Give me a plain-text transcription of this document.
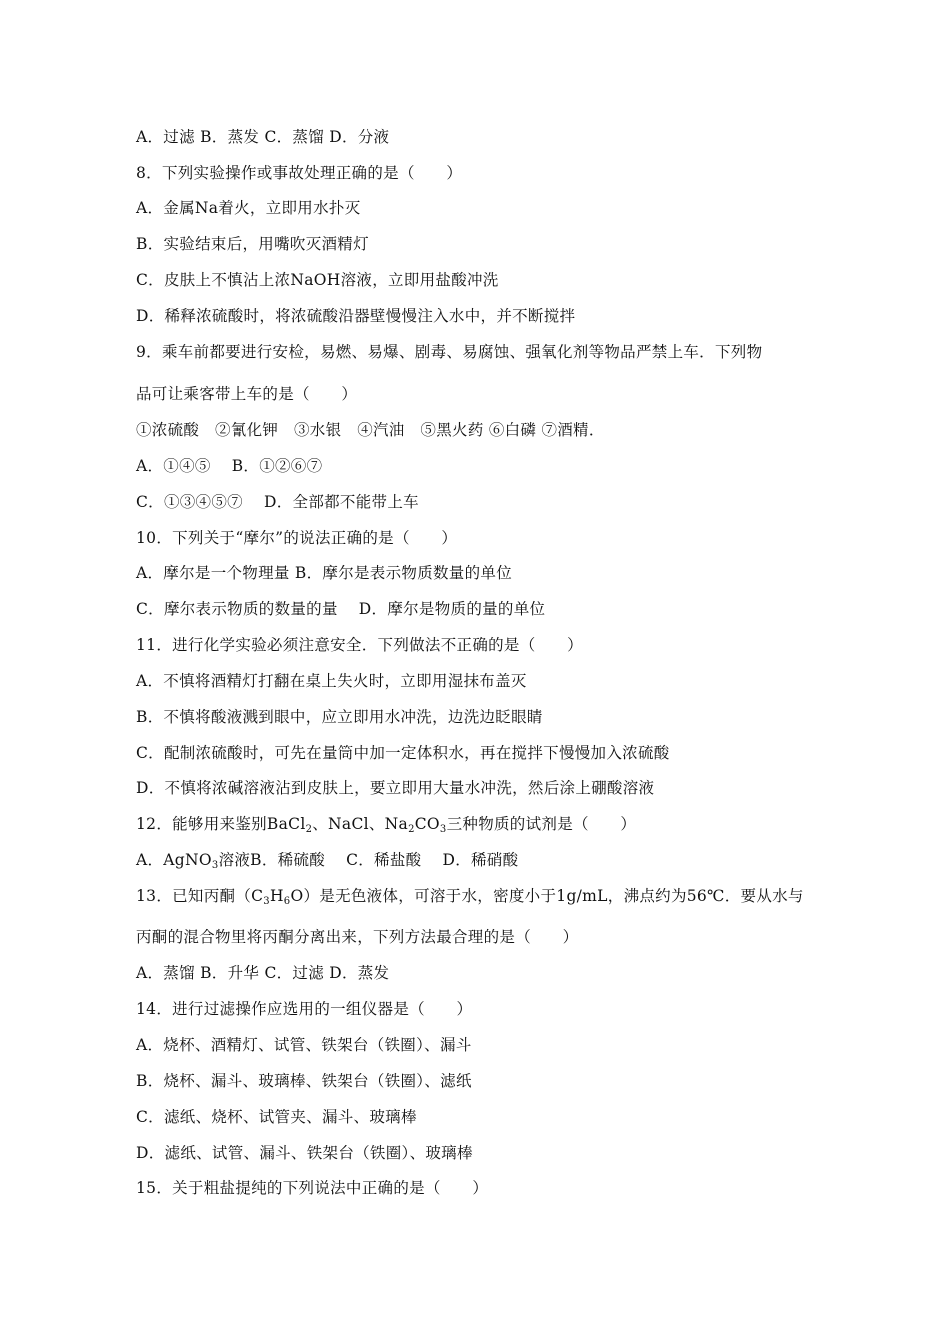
A．过滤 B．蒸发 C．蒸馏 D．分液
8．下列实验操作或事故处理正确的是（　　）
A．金属Na着火，立即用水扑灭
B．实验结束后，用嘴吹灭酒精灯
C．皮肤上不慎沾上浓NaOH溶液，立即用盐酸冲洗
D．稀释浓硫酸时，将浓硫酸沿器壁慢慢注入水中，并不断搅拌
9．乘车前都要进行安检，易燃、易爆、剧毒、易腐蚀、强氧化剂等物品严禁上车．下列物
品可让乘客带上车的是（　　）
①浓硫酸　②氰化钾　③水银　④汽油　⑤黑火药 ⑥白磷 ⑦酒精．
A．①④⑤　 B．①②⑥⑦
C．①③④⑤⑦　 D．全部都不能带上车
10．下列关于“摩尔”的说法正确的是（　　）
A．摩尔是一个物理量 B．摩尔是表示物质数量的单位
C．摩尔表示物质的数量的量　 D．摩尔是物质的量的单位
11．进行化学实验必须注意安全．下列做法不正确的是（　　）
A．不慎将酒精灯打翻在桌上失火时，立即用湿抹布盖灭
B．不慎将酸液溅到眼中，应立即用水冲洗，边洗边眨眼睛
C．配制浓硫酸时，可先在量筒中加一定体积水，再在搅拌下慢慢加入浓硫酸
D．不慎将浓碱溶液沾到皮肤上，要立即用大量水冲洗，然后涂上硼酸溶液
12．能够用来鉴别BaCl$_2$、NaCl、$Na_2CO_3$三种物质的试剂是（　　）
A．AgNO$_3$溶液B．稀硫酸　 C．稀盐酸　 D．稀硝酸
13．已知丙酮$(C_3H_6O)$是无色液体，可溶于水，密度小于1g/mL，沸点约为56℃．要从水与
丙酮的混合物里将丙酮分离出来，下列方法最合理的是（　　）
A．蒸馏 B．升华 C．过滤 D．蒸发
14．进行过滤操作应选用的一组仪器是（　　）
A．烧杯、酒精灯、试管、铁架台（铁圈）、漏斗
B．烧杯、漏斗、玻璃棒、铁架台（铁圈）、滤纸
C．滤纸、烧杯、试管夹、漏斗、玻璃棒
D．滤纸、试管、漏斗、铁架台（铁圈）、玻璃棒
15．关于粗盐提纯的下列说法中正确的是（　　）
